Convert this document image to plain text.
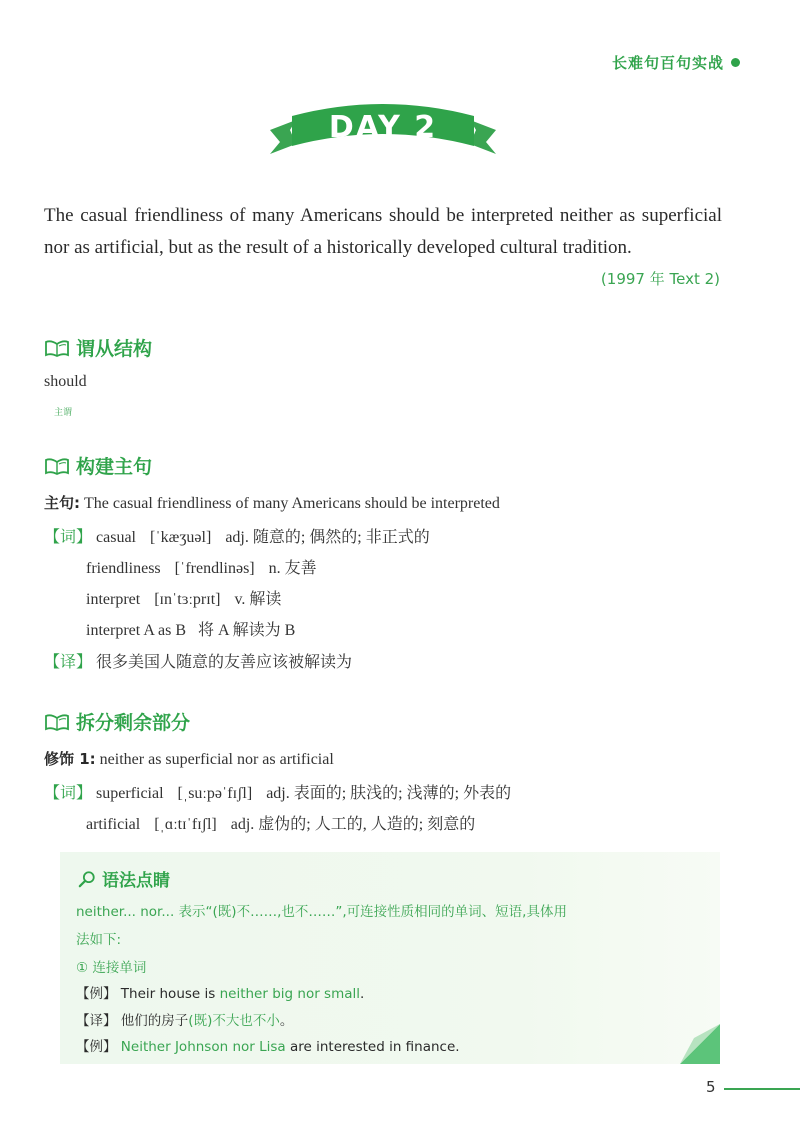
长难句百句实战
DAY 2
The casual friendliness of many Americans should be interpreted neither as superficial nor as artificial, but as the result of a historically developed cultural tradition.
(1997 年 Text 2)
谓从结构
should
主谓
构建主句
主句: The casual friendliness of many Americans should be interpreted
【词】 casual [ˈkæʒuəl] adj. 随意的; 偶然的; 非正式的
friendliness [ˈfrendlinəs] n. 友善
interpret [ɪnˈtɜːprɪt] v. 解读
interpret A as B 将 A 解读为 B
【译】 很多美国人随意的友善应该被解读为
拆分剩余部分
修饰 1: neither as superficial nor as artificial
【词】 superficial [ˌsuːpəˈfɪʃl] adj. 表面的; 肤浅的; 浅薄的; 外表的
artificial [ˌɑːtɪˈfɪʃl] adj. 虚伪的; 人工的, 人造的; 刻意的
语法点睛
neither... nor... 表示“(既)不……,也不……”,可连接性质相同的单词、短语,具体用
法如下:
① 连接单词
【例】 Their house is neither big nor small.
【译】 他们的房子(既)不大也不小。
【例】 Neither Johnson nor Lisa are interested in finance.
5
